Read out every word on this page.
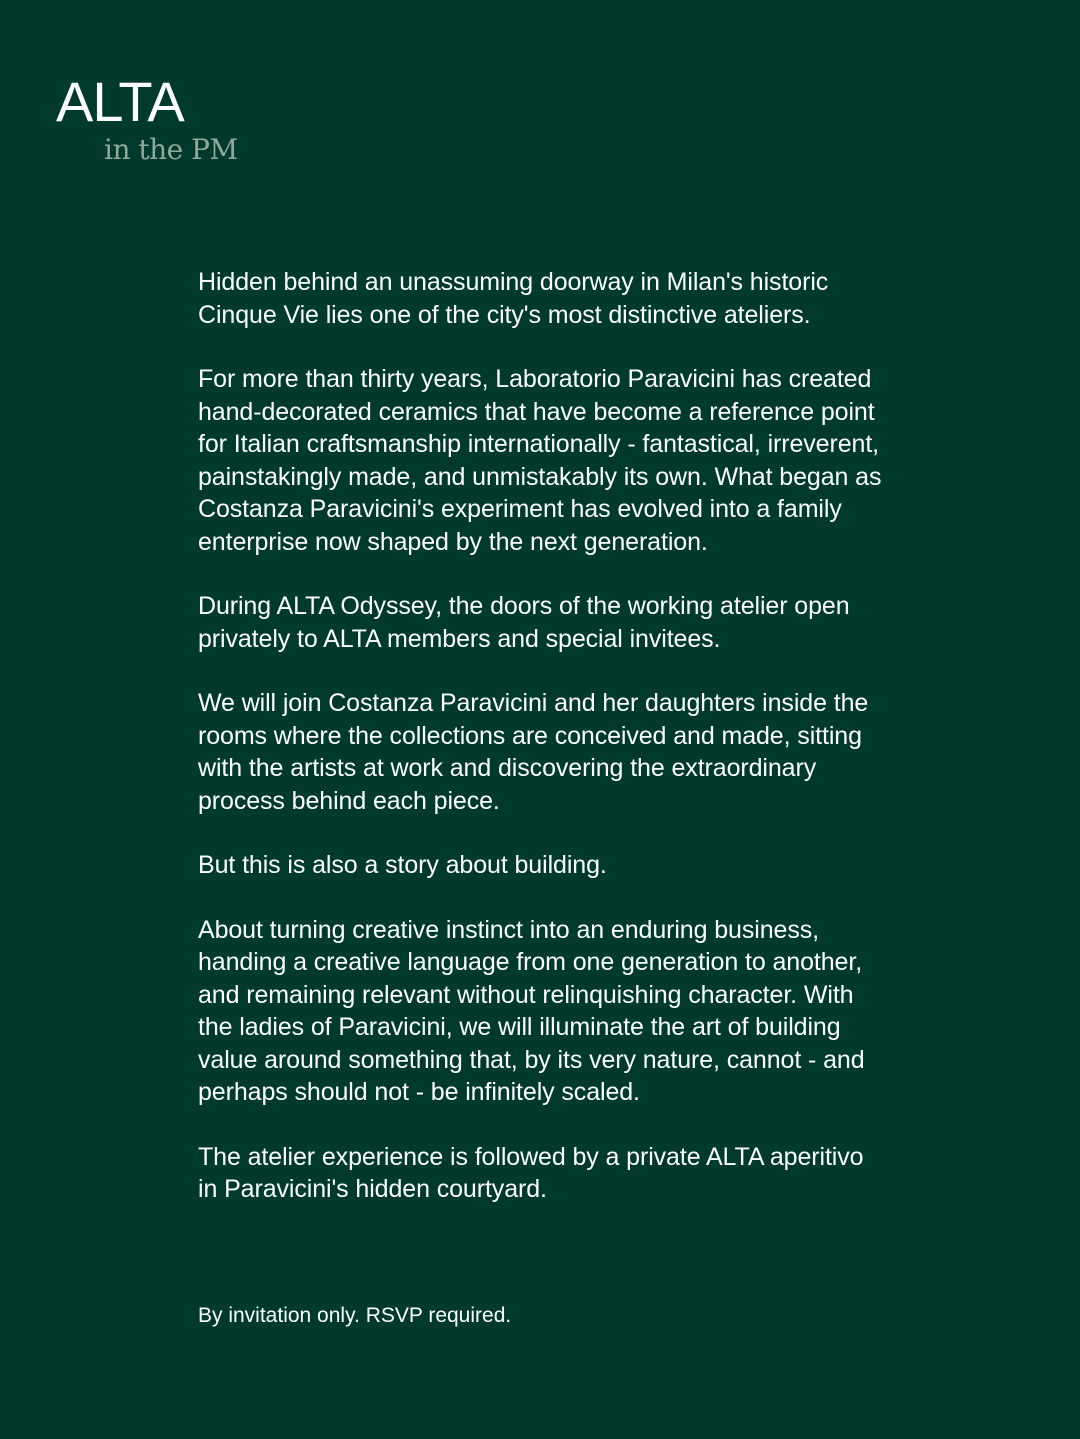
ALTA
in the PM

Hidden behind an unassuming doorway in Milan's historic
Cinque Vie lies one of the city's most distinctive ateliers.

For more than thirty years, Laboratorio Paravicini has created
hand-decorated ceramics that have become a reference point
for Italian craftsmanship internationally - fantastical, irreverent,
painstakingly made, and unmistakably its own. What began as
Costanza Paravicini's experiment has evolved into a family
enterprise now shaped by the next generation.

During ALTA Odyssey, the doors of the working atelier open
privately to ALTA members and special invitees.

We will join Costanza Paravicini and her daughters inside the
rooms where the collections are conceived and made, sitting
with the artists at work and discovering the extraordinary
process behind each piece.

But this is also a story about building.

About turning creative instinct into an enduring business,
handing a creative language from one generation to another,
and remaining relevant without relinquishing character. With
the ladies of Paravicini, we will illuminate the art of building
value around something that, by its very nature, cannot - and
perhaps should not - be infinitely scaled.

The atelier experience is followed by a private ALTA aperitivo
in Paravicini's hidden courtyard.

By invitation only. RSVP required.
